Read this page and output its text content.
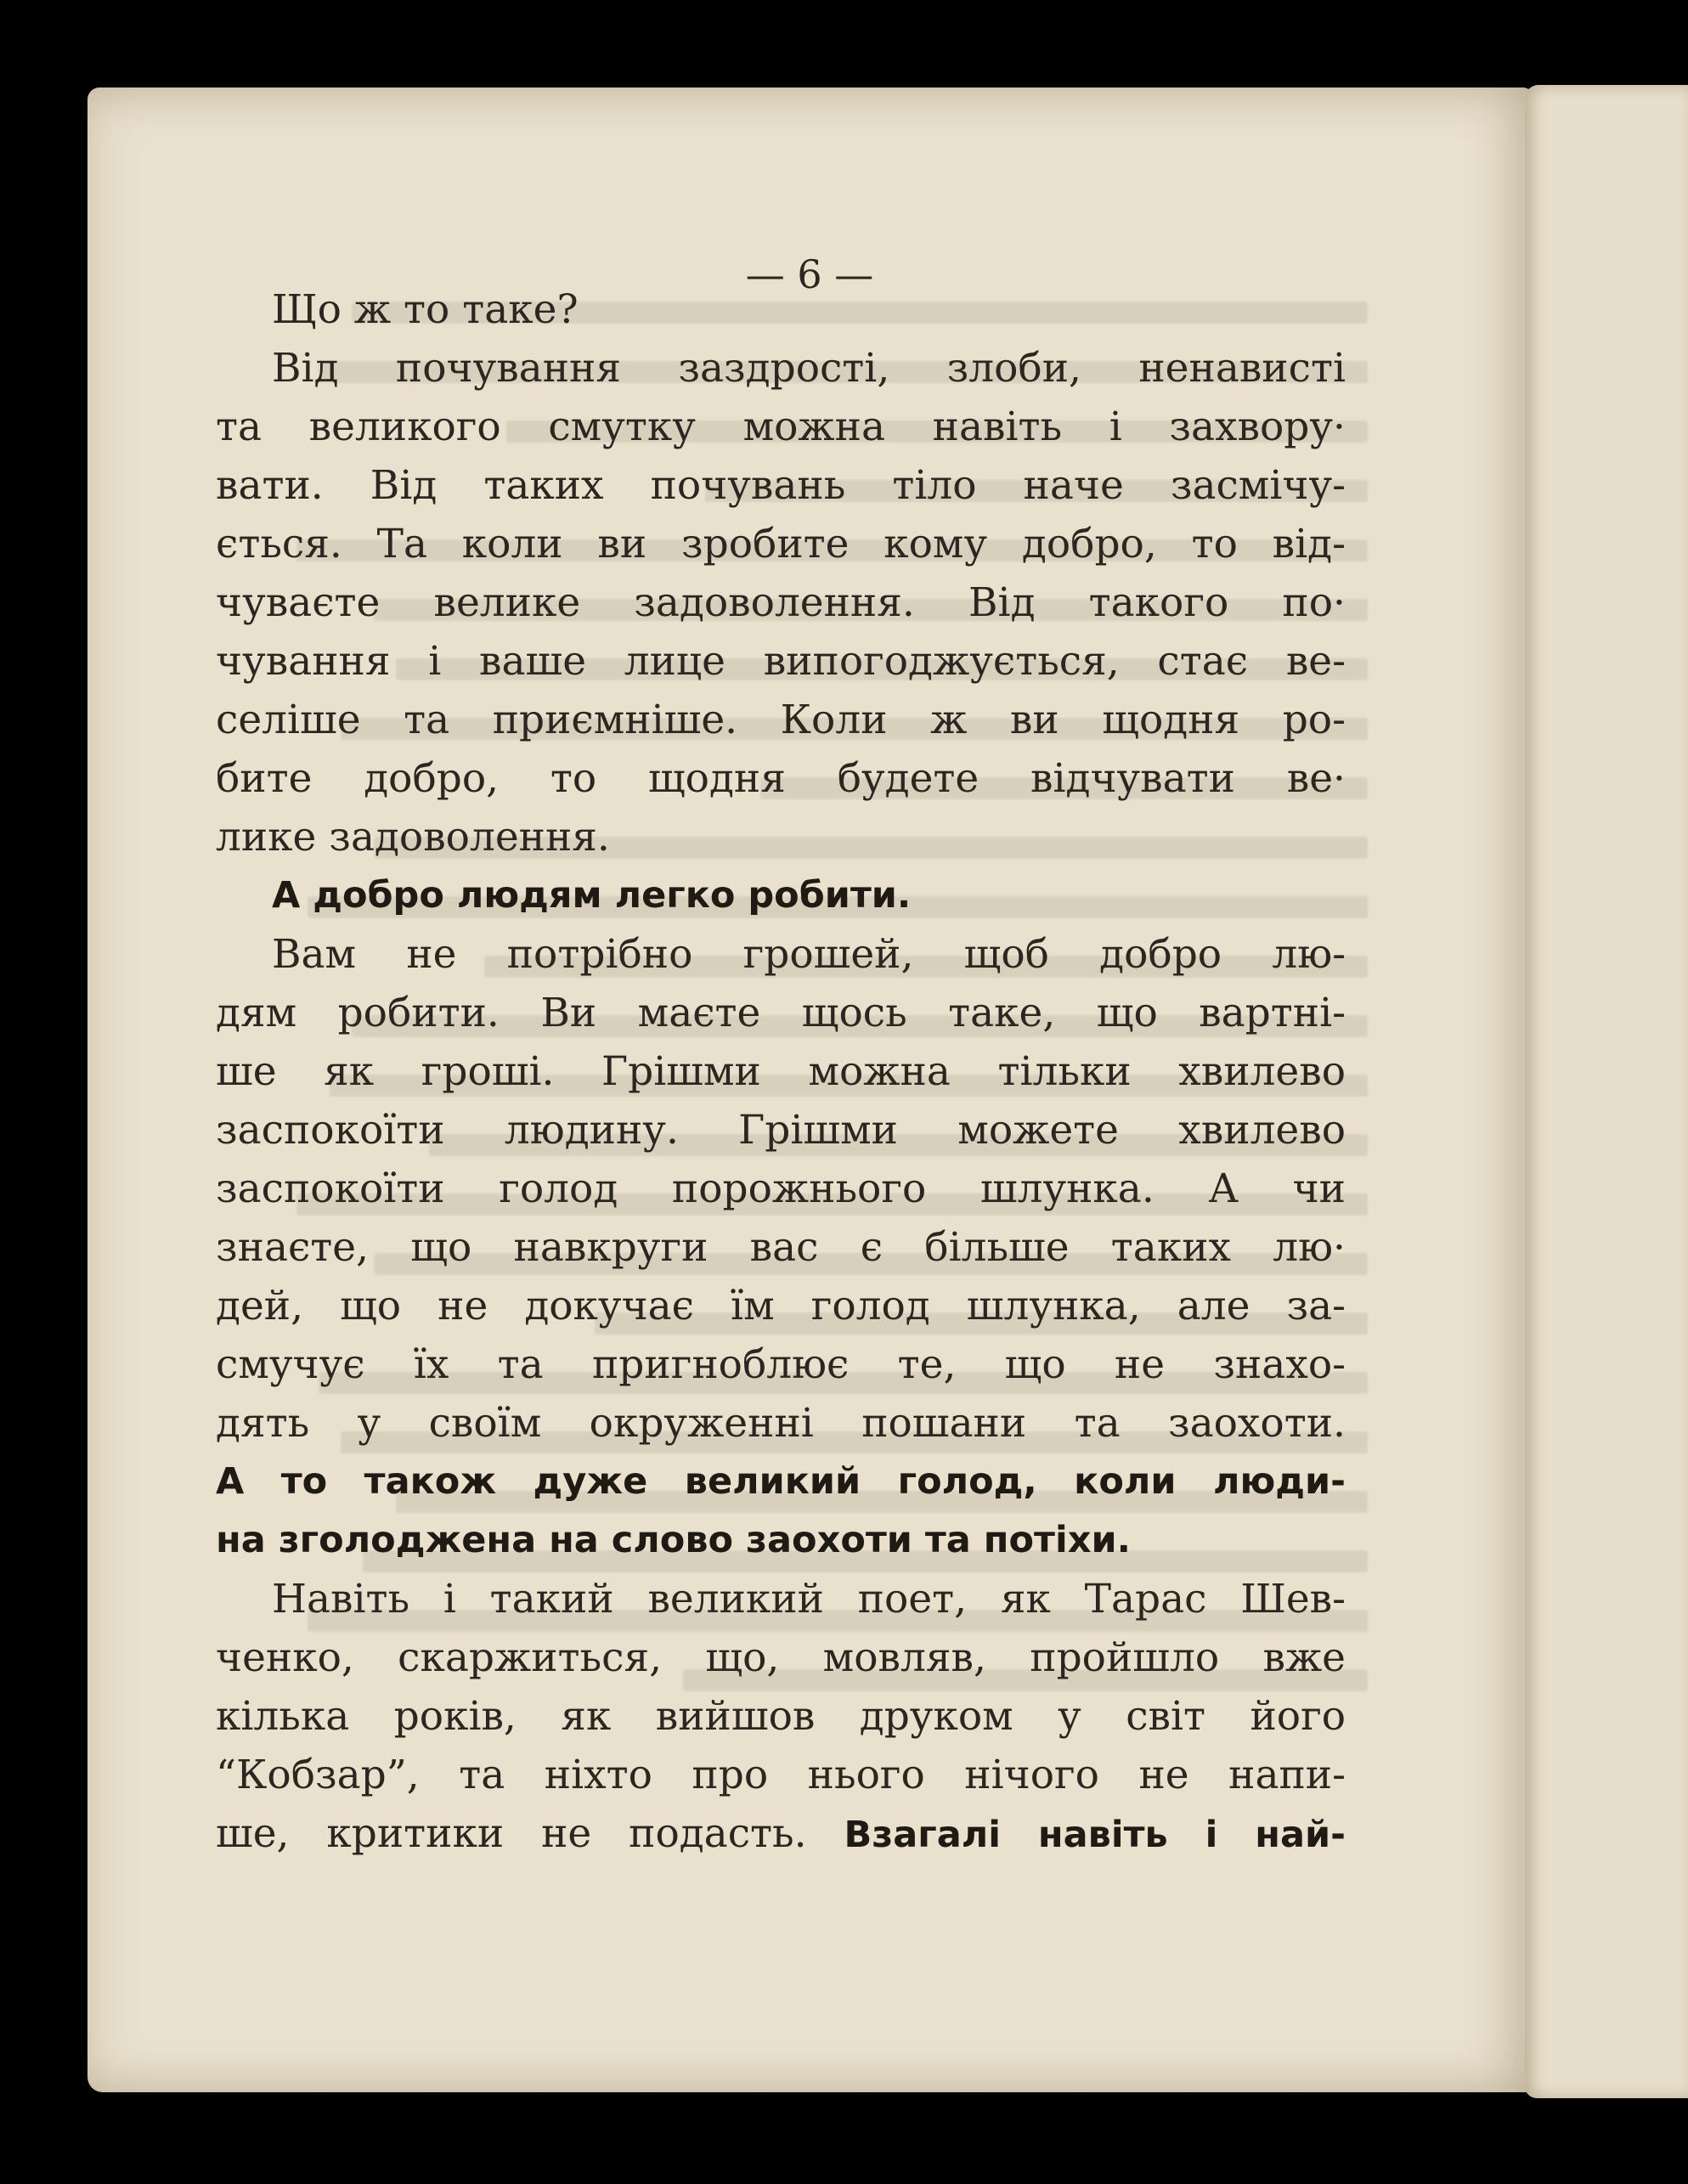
— 6 —
Що ж то таке?
Від почування заздрості, злоби, ненависті
та великого смутку можна навіть і захвору·
вати. Від таких почувань тіло наче засмічу-
ється. Та коли ви зробите кому добро, то від-
чуваєте велике задоволення. Від такого по·
чування і ваше лице випогоджується, стає ве-
селіше та приємніше. Коли ж ви щодня ро-
бите добро, то щодня будете відчувати ве·
лике задоволення.
А добро людям легко робити.
Вам не потрібно грошей, щоб добро лю-
дям робити. Ви маєте щось таке, що вартні-
ше як гроші. Грішми можна тільки хвилево
заспокоїти людину. Грішми можете хвилево
заспокоїти голод порожнього шлунка. А чи
знаєте, що навкруги вас є більше таких лю·
дей, що не докучає їм голод шлунка, але за-
смучує їх та пригноблює те, що не знахо-
дять у своїм окруженні пошани та заохоти.
А то також дуже великий голод, коли люди-
на зголоджена на слово заохоти та потіхи.
Навіть і такий великий поет, як Тарас Шев-
ченко, скаржиться, що, мовляв, пройшло вже
кілька років, як вийшов друком у світ його
“Кобзар”, та ніхто про нього нічого не напи-
ше, критики не подасть. Взагалі навіть і най-
